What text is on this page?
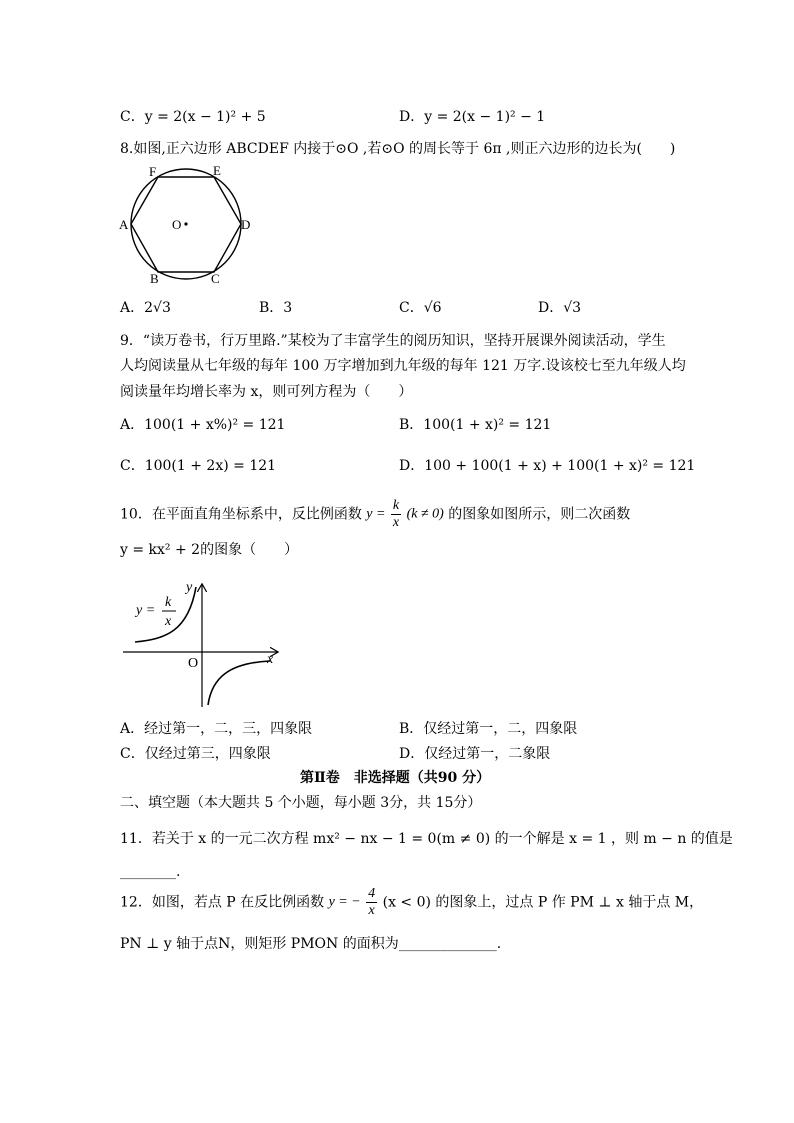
C．y = 2(x − 1)² + 5	D．y = 2(x − 1)² − 1
8.如图,正六边形 ABCDEF 内接于⊙O ,若⊙O 的周长等于 6π ,则正六边形的边长为(　　)
F	E
A	O	D
B	C
A．2√3	B．3	C．√6	D．√3
9．“读万卷书，行万里路.”某校为了丰富学生的阅历知识，坚持开展课外阅读活动，学生
人均阅读量从七年级的每年 100 万字增加到九年级的每年 121 万字.设该校七至九年级人均
阅读量年均增长率为 x，则可列方程为（　　）
A．100(1 + x%)² = 121	B．100(1 + x)² = 121
C．100(1 + 2x) = 121	D．100 + 100(1 + x) + 100(1 + x)² = 121
10．在平面直角坐标系中，反比例函数 $y = \frac{k}{x} (k \ne 0)$ 的图象如图所示，则二次函数
y = kx² + 2的图象（　　）
y
x
O
y =
k
x
A．经过第一，二，三，四象限	B．仅经过第一，二，四象限
C．仅经过第三，四象限	D．仅经过第一，二象限
第Ⅱ卷　非选择题（共90 分）
二、填空题（本大题共 5 个小题，每小题 3分，共 15分）
11．若关于 x 的一元二次方程 mx² − nx − 1 = 0(m ≠ 0) 的一个解是 x = 1 ，则 m − n 的值是
________.
12．如图，若点 P 在反比例函数 y = − $\frac{4}{x} (x < 0)$ 的图象上，过点 P 作 PM ⊥ x 轴于点 M，
PN ⊥ y 轴于点N，则矩形 PMON 的面积为______________.
